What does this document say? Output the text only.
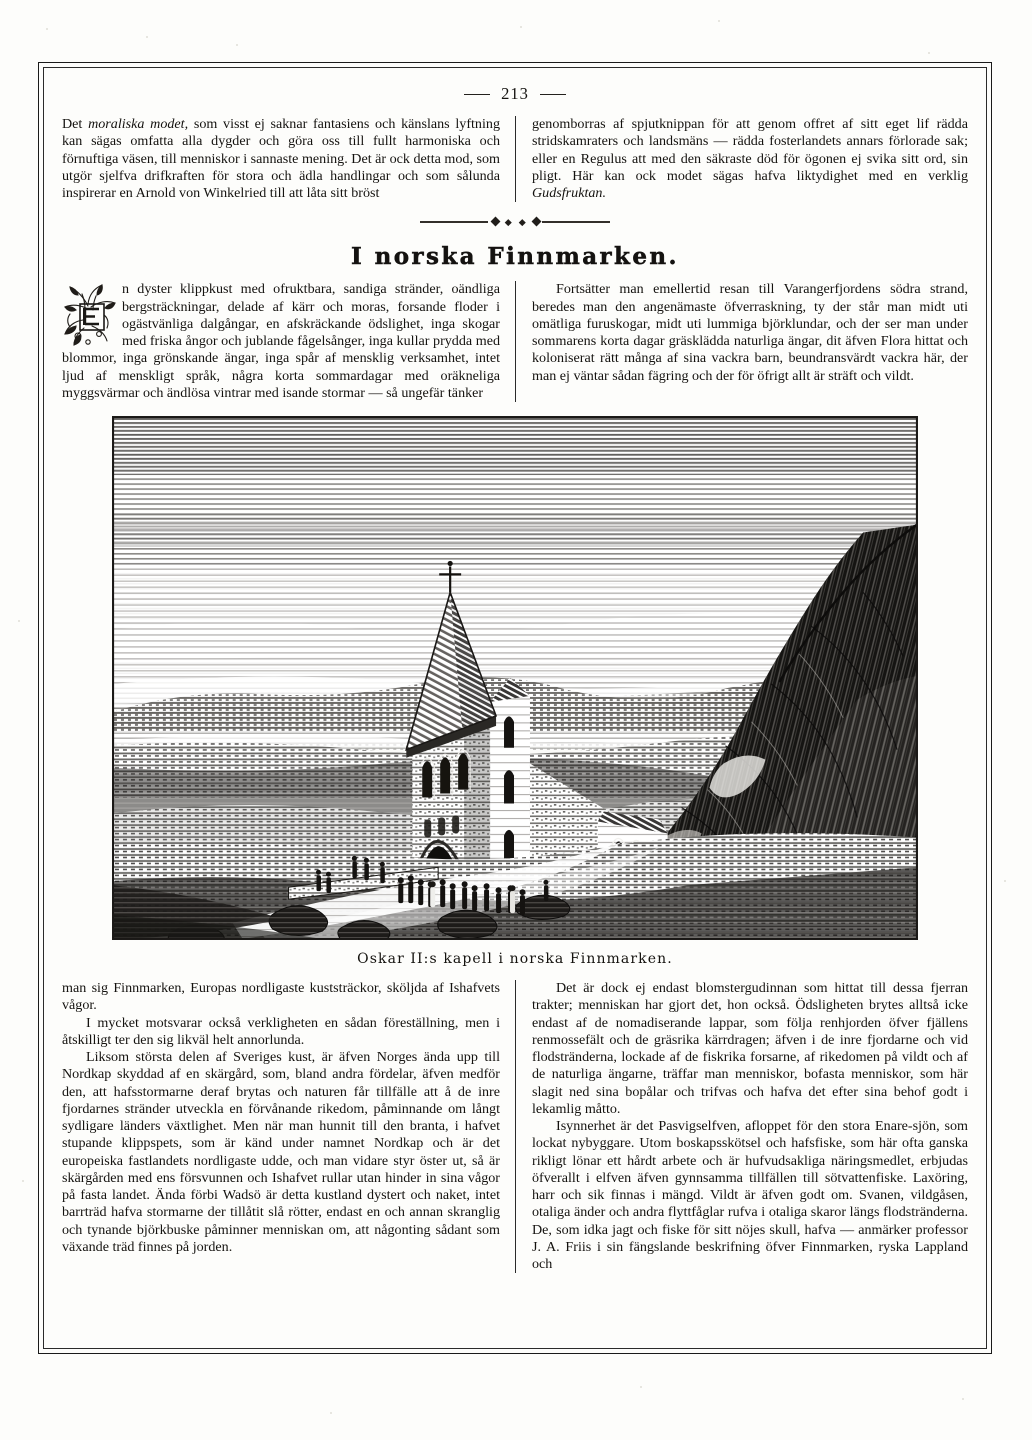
213

Det moraliska modet, som visst ej saknar fantasiens och känslans lyftning kan sägas omfatta alla dygder och göra oss till fullt harmoniska och förnuftiga väsen, till menniskor i sannaste mening. Det är ock detta mod, som utgör sjelfva drifkraften för stora och ädla handlingar och som sålunda inspirerar en Arnold von Winkelried till att låta sitt bröst

genomborras af spjutknippan för att genom offret af sitt eget lif rädda stridskamraters och landsmäns — rädda fosterlandets annars förlorade sak; eller en Regulus att med den säkraste död för ögonen ej svika sitt ord, sin pligt. Här kan ock modet sägas hafva liktydighet med en verklig Gudsfruktan.

I norska Finnmarken.

n dyster klippkust med ofruktbara, sandiga stränder, oändliga bergsträckningar, delade af kärr och moras, forsande floder i ogästvänliga dalgångar, en afskräckande ödslighet, inga skogar med friska ångor och jublande fågelsånger, inga kullar prydda med blommor, inga grönskande ängar, inga spår af mensklig verksamhet, intet ljud af menskligt språk, några korta sommardagar med oräkneliga myggsvärmar och ändlösa vintrar med isande stormar — så ungefär tänker

Fortsätter man emellertid resan till Varangerfjordens södra strand, beredes man den angenämaste öfverraskning, ty der står man midt uti omätliga furuskogar, midt uti lummiga björklundar, och der ser man under sommarens korta dagar gräsklädda naturliga ängar, dit äfven Flora hittat och koloniserat rätt många af sina vackra barn, beundransvärdt vackra här, der man ej väntar sådan fägring och der för öfrigt allt är sträft och vildt.

Oskar II:s kapell i norska Finnmarken.

man sig Finnmarken, Europas nordligaste kuststräckor, sköljda af Ishafvets vågor.

I mycket motsvarar också verkligheten en sådan föreställning, men i åtskilligt ter den sig likväl helt annorlunda.

Liksom största delen af Sveriges kust, är äfven Norges ända upp till Nordkap skyddad af en skärgård, som, bland andra fördelar, äfven medför den, att hafsstormarne deraf brytas och naturen får tillfälle att å de inre fjordarnes stränder utveckla en förvånande rikedom, påminnande om långt sydligare länders växtlighet. Men när man hunnit till den branta, i hafvet stupande klippspets, som är känd under namnet Nordkap och är det europeiska fastlandets nordligaste udde, och man vidare styr öster ut, så är skärgården med ens försvunnen och Ishafvet rullar utan hinder in sina vågor på fasta landet. Ända förbi Wadsö är detta kustland dystert och naket, intet barrträd hafva stormarne der tillåtit slå rötter, endast en och annan skranglig och tynande björkbuske påminner menniskan om, att någonting sådant som växande träd finnes på jorden.

Det är dock ej endast blomstergudinnan som hittat till dessa fjerran trakter; menniskan har gjort det, hon också. Ödsligheten brytes alltså icke endast af de nomadiserande lappar, som följa renhjorden öfver fjällens renmossefält och de gräsrika kärrdragen; äfven i de inre fjordarne och vid flodstränderna, lockade af de fiskrika forsarne, af rikedomen på vildt och af de naturliga ängarne, träffar man menniskor, bofasta menniskor, som här slagit ned sina bopålar och trifvas och hafva det efter sina behof godt i lekamlig måtto.

Isynnerhet är det Pasvigselfven, afloppet för den stora Enare-sjön, som lockat nybyggare. Utom boskapsskötsel och hafsfiske, som här ofta ganska rikligt lönar ett hårdt arbete och är hufvudsakliga näringsmedlet, erbjudas öfverallt i elfven äfven gynnsamma tillfällen till sötvattenfiske. Laxöring, harr och sik finnas i mängd. Vildt är äfven godt om. Svanen, vildgåsen, otaliga änder och andra flyttfåglar rufva i otaliga skaror längs flodstränderna. De, som idka jagt och fiske för sitt nöjes skull, hafva — anmärker professor J. A. Friis i sin fängslande beskrifning öfver Finnmarken, ryska Lappland och
